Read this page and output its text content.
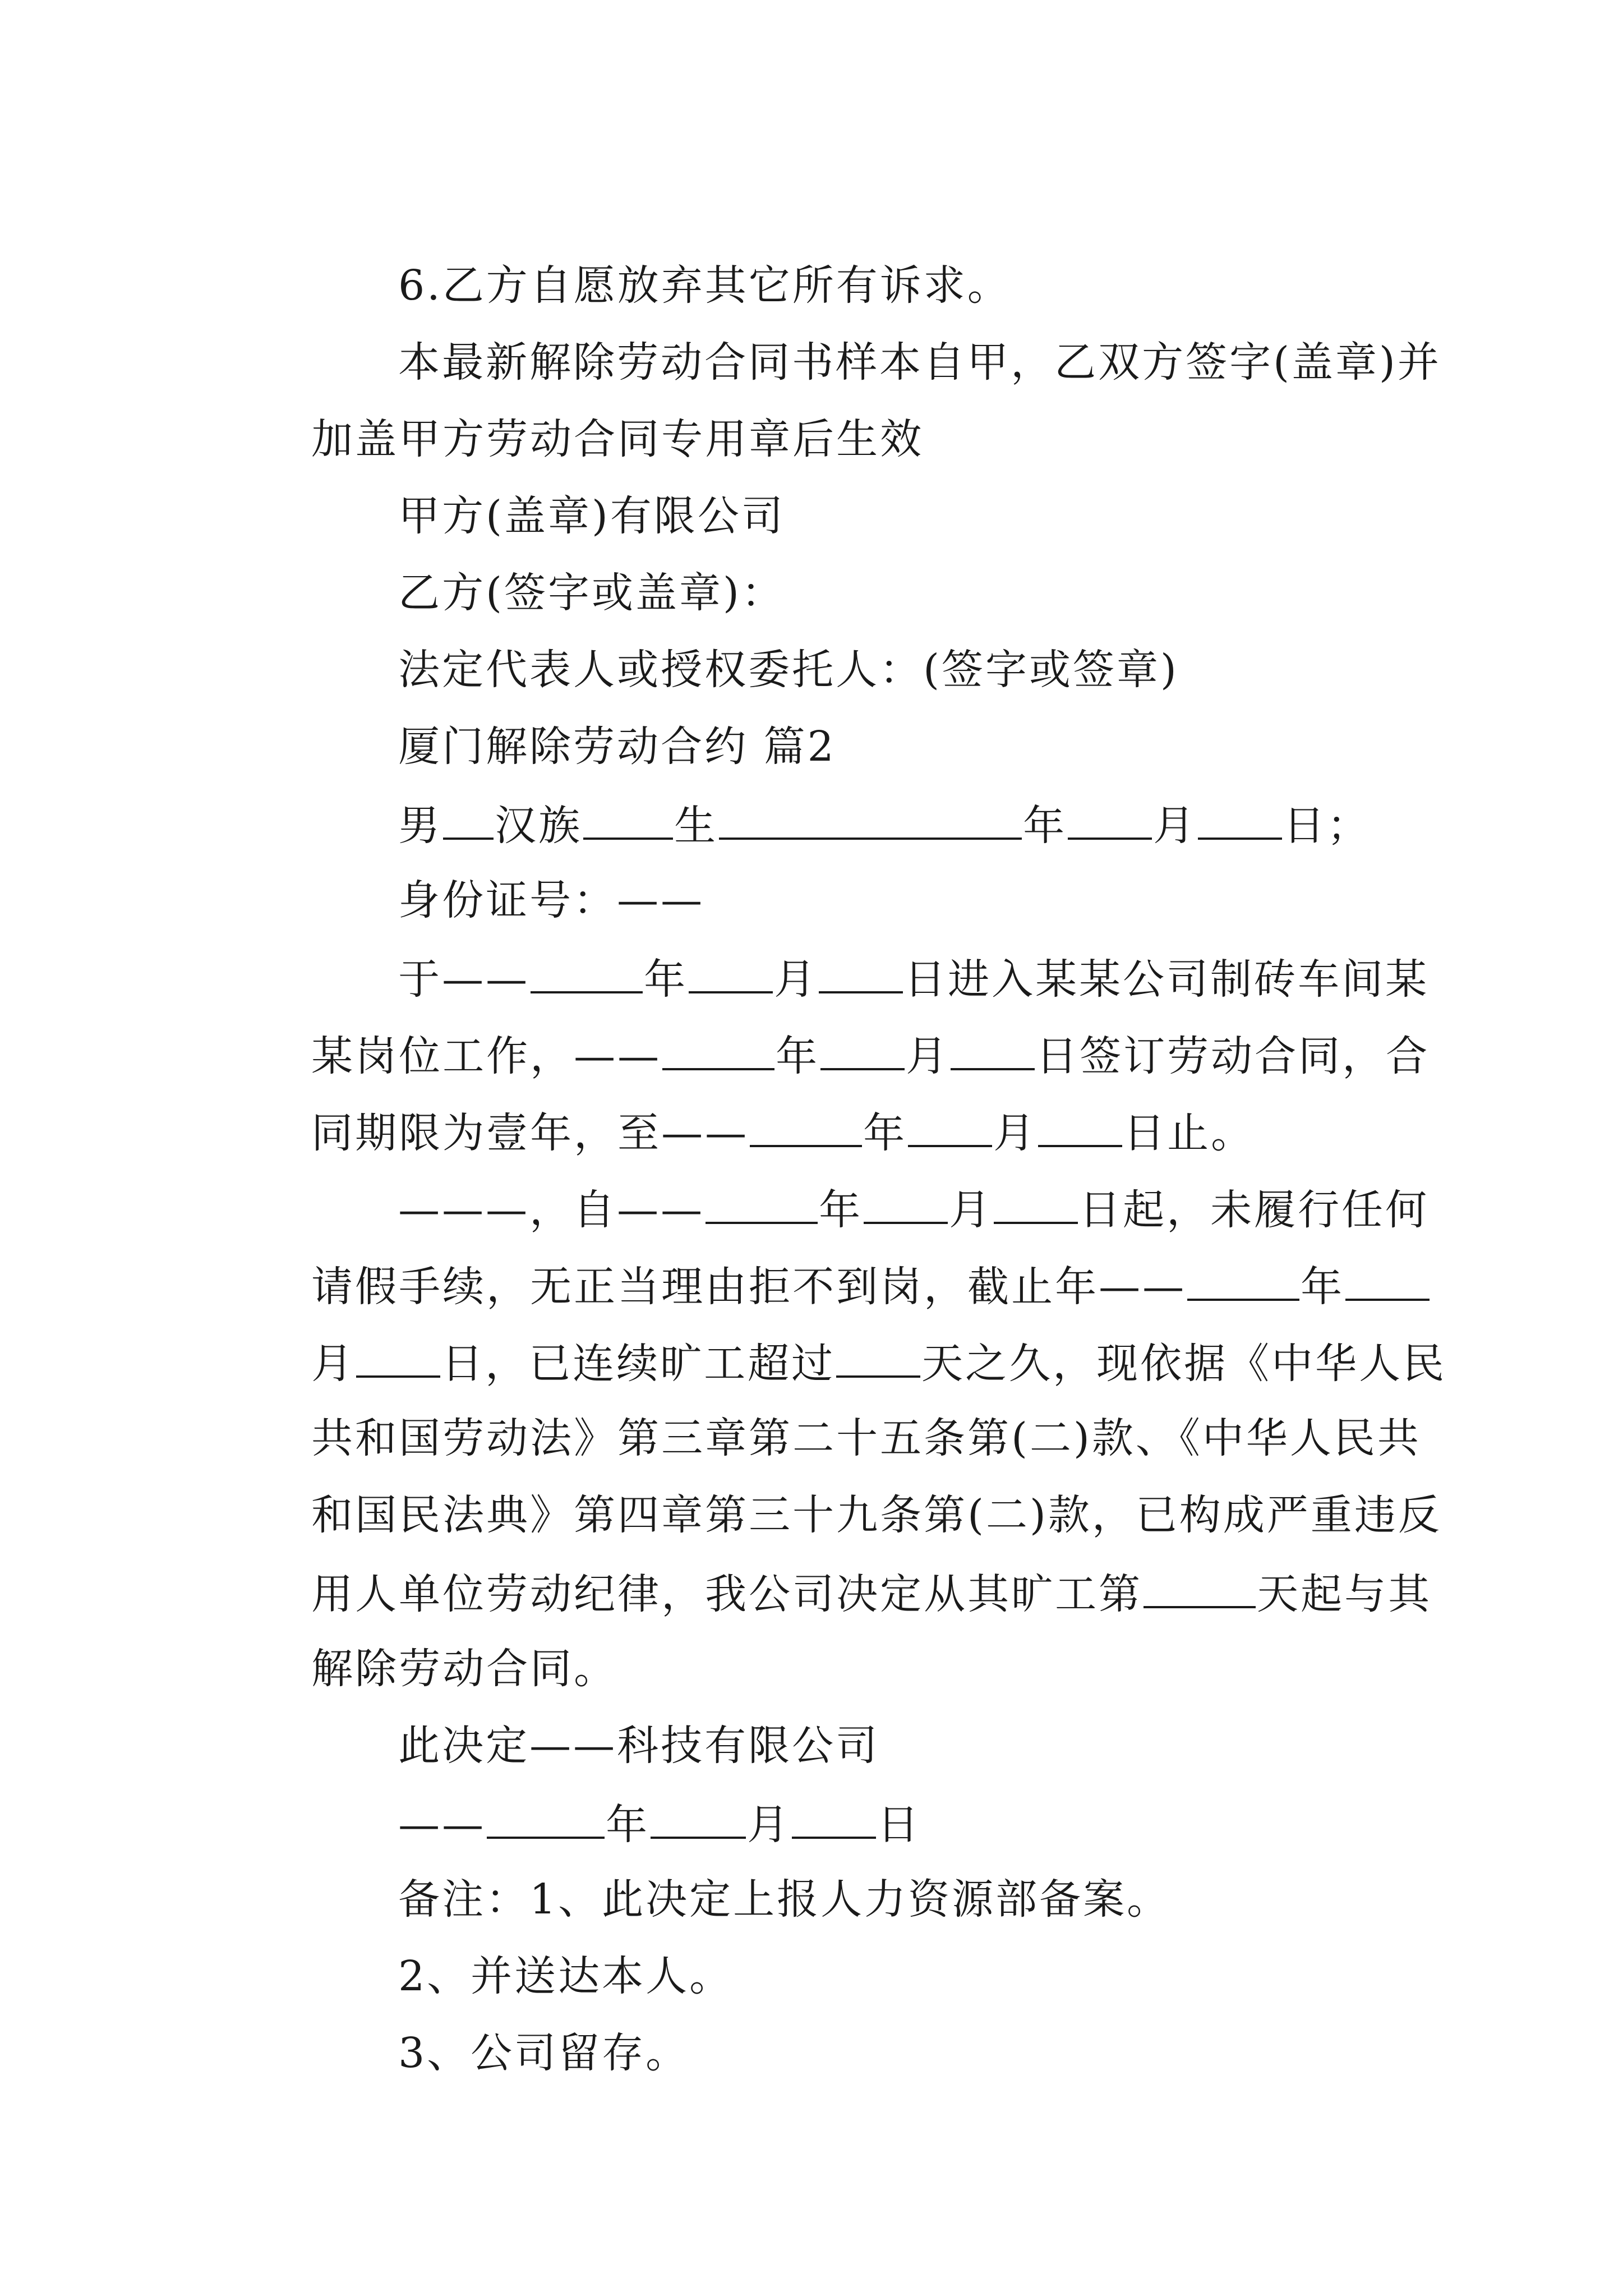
6.乙方自愿放弃其它所有诉求。

本最新解除劳动合同书样本自甲，乙双方签字(盖章)并

加盖甲方劳动合同专用章后生效

甲方(盖章)有限公司

乙方(签字或盖章)：

法定代表人或授权委托人：(签字或签章)

厦门解除劳动合约 篇2

男 汉族 生	年 月 日；

身份证号：——

于——	年 月 日进入某某公司制砖车间某

某岗位工作，——	年 月 日签订劳动合同，合

同期限为壹年，至——	年 月 日止。

———，自——	年 月 日起，未履行任何

请假手续，无正当理由拒不到岗，截止年——	年

月 日，已连续旷工超过 天之久，现依据《中华人民

共和国劳动法》第三章第二十五条第(二)款、《中华人民共

和国民法典》第四章第三十九条第(二)款，已构成严重违反

用人单位劳动纪律，我公司决定从其旷工第	天起与其

解除劳动合同。

此决定——科技有限公司

——	年 月 日

备注：1、此决定上报人力资源部备案。

2、并送达本人。

3、公司留存。
